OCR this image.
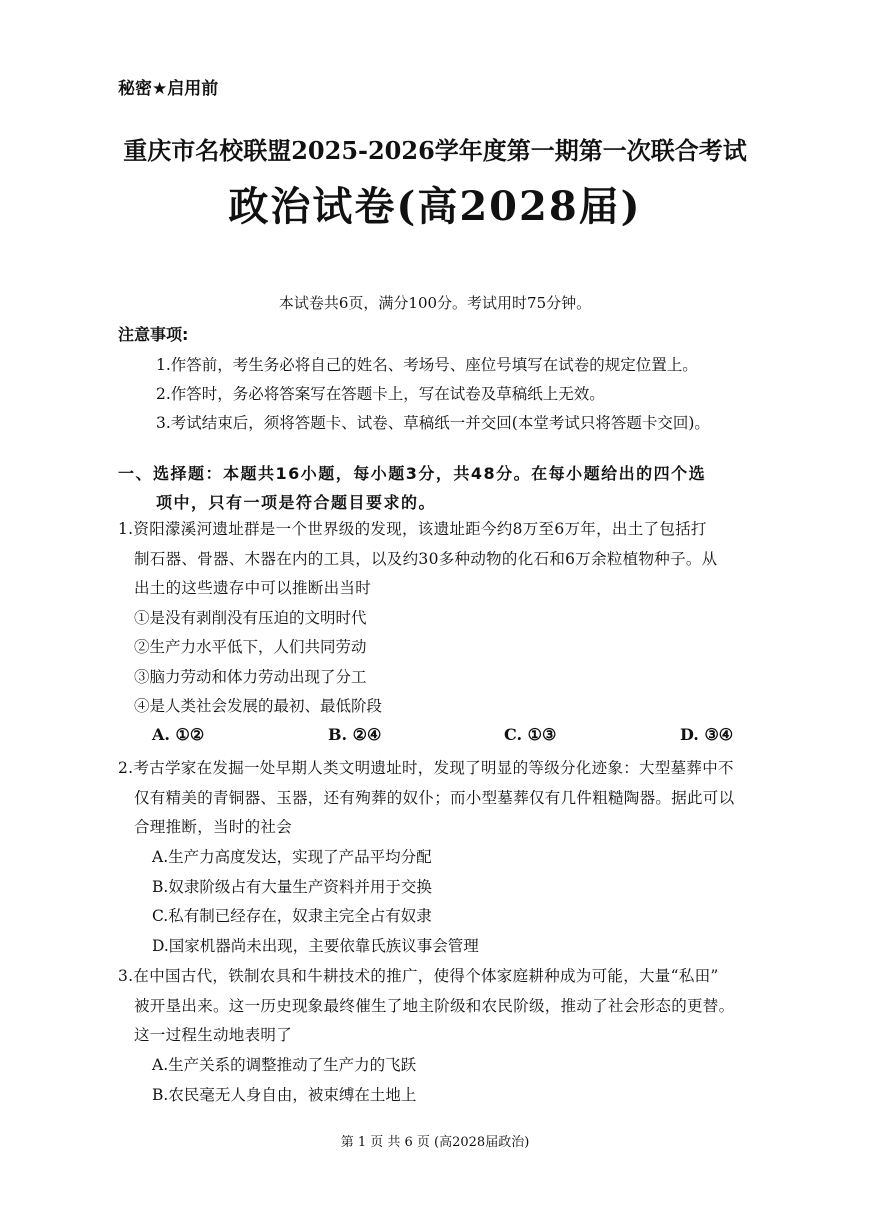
秘密★启用前
重庆市名校联盟2025-2026学年度第一期第一次联合考试
政治试卷(高2028届)
本试卷共6页，满分100分。考试用时75分钟。
注意事项:
1.作答前，考生务必将自己的姓名、考场号、座位号填写在试卷的规定位置上。
2.作答时，务必将答案写在答题卡上，写在试卷及草稿纸上无效。
3.考试结束后，须将答题卡、试卷、草稿纸一并交回(本堂考试只将答题卡交回)。
一、选择题：本题共16小题，每小题3分，共48分。在每小题给出的四个选
项中，只有一项是符合题目要求的。
1.资阳濛溪河遗址群是一个世界级的发现，该遗址距今约8万至6万年，出土了包括打
制石器、骨器、木器在内的工具，以及约30多种动物的化石和6万余粒植物种子。从
出土的这些遗存中可以推断出当时
①是没有剥削没有压迫的文明时代
②生产力水平低下，人们共同劳动
③脑力劳动和体力劳动出现了分工
④是人类社会发展的最初、最低阶段
A. ①②	B. ②④	C. ①③	D. ③④
2.考古学家在发掘一处早期人类文明遗址时，发现了明显的等级分化迹象：大型墓葬中不
仅有精美的青铜器、玉器，还有殉葬的奴仆；而小型墓葬仅有几件粗糙陶器。据此可以
合理推断，当时的社会
A.生产力高度发达，实现了产品平均分配
B.奴隶阶级占有大量生产资料并用于交换
C.私有制已经存在，奴隶主完全占有奴隶
D.国家机器尚未出现，主要依靠氏族议事会管理
3.在中国古代，铁制农具和牛耕技术的推广，使得个体家庭耕种成为可能，大量“私田”
被开垦出来。这一历史现象最终催生了地主阶级和农民阶级，推动了社会形态的更替。
这一过程生动地表明了
A.生产关系的调整推动了生产力的飞跃
B.农民毫无人身自由，被束缚在土地上
第 1 页 共 6 页 (高2028届政治)
